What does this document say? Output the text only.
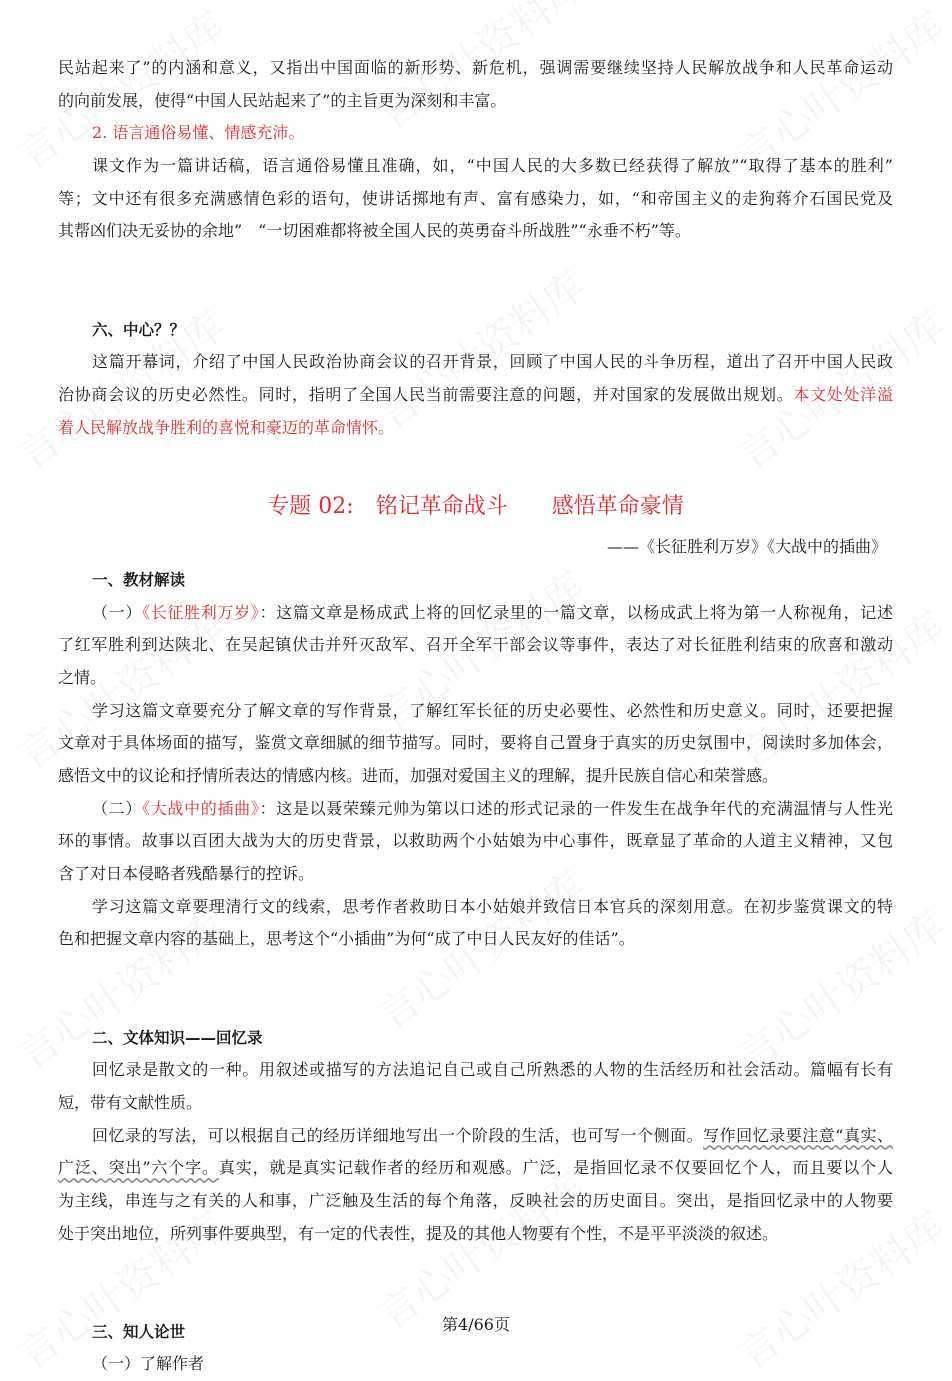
民站起来了”的内涵和意义，又指出中国面临的新形势、新危机，强调需要继续坚持人民解放战争和人民革命运动
的向前发展，使得“中国人民站起来了”的主旨更为深刻和丰富。
2. 语言通俗易懂、情感充沛。
课文作为一篇讲话稿，语言通俗易懂且准确，如，“中国人民的大多数已经获得了解放”“取得了基本的胜利”
等；文中还有很多充满感情色彩的语句，使讲话掷地有声、富有感染力，如，“和帝国主义的走狗蒋介石国民党及
其帮凶们决无妥协的余地”　“一切困难都将被全国人民的英勇奋斗所战胜”“永垂不朽”等。
六、中心？？
这篇开幕词，介绍了中国人民政治协商会议的召开背景，回顾了中国人民的斗争历程，道出了召开中国人民政
治协商会议的历史必然性。同时，指明了全国人民当前需要注意的问题，并对国家的发展做出规划。本文处处洋溢
着人民解放战争胜利的喜悦和豪迈的革命情怀。
专题 02:　铭记革命战斗　　感悟革命豪情
——《长征胜利万岁》《大战中的插曲》
一、教材解读
（一）《长征胜利万岁》：这篇文章是杨成武上将的回忆录里的一篇文章，以杨成武上将为第一人称视角，记述
了红军胜利到达陕北、在吴起镇伏击并歼灭敌军、召开全军干部会议等事件，表达了对长征胜利结束的欣喜和激动
之情。
学习这篇文章要充分了解文章的写作背景，了解红军长征的历史必要性、必然性和历史意义。同时，还要把握
文章对于具体场面的描写，鉴赏文章细腻的细节描写。同时，要将自己置身于真实的历史氛围中，阅读时多加体会，
感悟文中的议论和抒情所表达的情感内核。进而，加强对爱国主义的理解，提升民族自信心和荣誉感。
（二）《大战中的插曲》：这是以聂荣臻元帅为第以口述的形式记录的一件发生在战争年代的充满温情与人性光
环的事情。故事以百团大战为大的历史背景，以救助两个小姑娘为中心事件，既章显了革命的人道主义精神，又包
含了对日本侵略者残酷暴行的控诉。
学习这篇文章要理清行文的线索，思考作者救助日本小姑娘并致信日本官兵的深刻用意。在初步鉴赏课文的特
色和把握文章内容的基础上，思考这个“小插曲”为何“成了中日人民友好的佳话”。
二、文体知识——回忆录
回忆录是散文的一种。用叙述或描写的方法追记自己或自己所熟悉的人物的生活经历和社会活动。篇幅有长有
短，带有文献性质。
回忆录的写法，可以根据自己的经历详细地写出一个阶段的生活，也可写一个侧面。写作回忆录要注意“真实、
广泛、突出”六个字。真实，就是真实记载作者的经历和观感。广泛，是指回忆录不仅要回忆个人，而且要以个人
为主线，串连与之有关的人和事，广泛触及生活的每个角落，反映社会的历史面目。突出，是指回忆录中的人物要
处于突出地位，所列事件要典型，有一定的代表性，提及的其他人物要有个性，不是平平淡淡的叙述。
三、知人论世
（一）了解作者
第4/66页
